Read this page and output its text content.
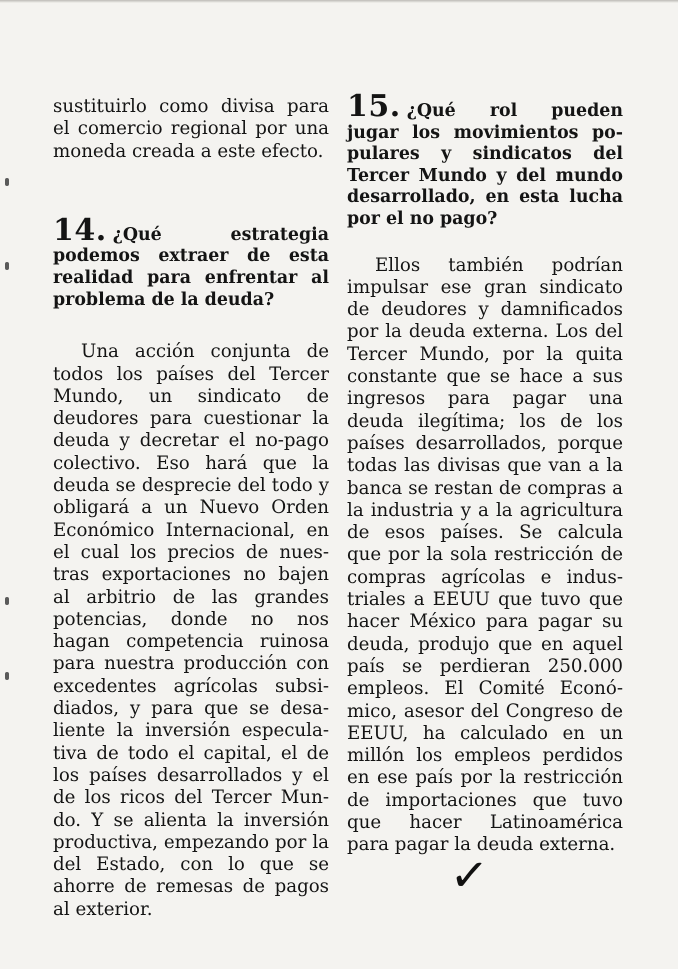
sustituirlo como divisa para el comercio regional por una moneda creada a este efecto.

14. ¿Qué estrategia podemos extraer de esta realidad para enfrentar al problema de la deuda?

Una acción conjunta de todos los países del Tercer Mundo, un sindicato de deudores para cuestionar la deuda y decretar el no-pago colectivo. Eso hará que la deuda se desprecie del todo y obligará a un Nuevo Orden Económico Internacional, en el cual los precios de nuestras exportaciones no bajen al arbitrio de las grandes potencias, donde no nos hagan competencia ruinosa para nuestra producción con excedentes agrícolas subsidiados, y para que se desaliente la inversión especulativa de todo el capital, el de los países desarrollados y el de los ricos del Tercer Mundo. Y se alienta la inversión productiva, empezando por la del Estado, con lo que se ahorre de remesas de pagos al exterior.

15. ¿Qué rol pueden jugar los movimientos populares y sindicatos del Tercer Mundo y del mundo desarrollado, en esta lucha por el no pago?

Ellos también podrían impulsar ese gran sindicato de deudores y damnificados por la deuda externa. Los del Tercer Mundo, por la quita constante que se hace a sus ingresos para pagar una deuda ilegítima; los de los países desarrollados, porque todas las divisas que van a la banca se restan de compras a la industria y a la agricultura de esos países. Se calcula que por la sola restricción de compras agrícolas e industriales a EEUU que tuvo que hacer México para pagar su deuda, produjo que en aquel país se perdieran 250.000 empleos. El Comité Económico, asesor del Congreso de EEUU, ha calculado en un millón los empleos perdidos en ese país por la restricción de importaciones que tuvo que hacer Latinoamérica para pagar la deuda externa.

✓
